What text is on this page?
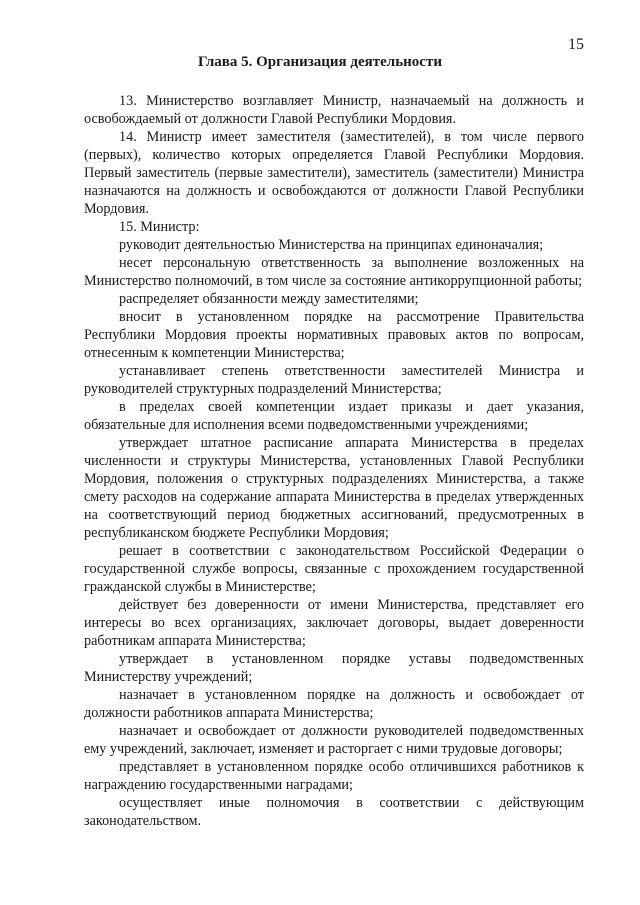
15
Глава 5. Организация деятельности

13. Министерство возглавляет Министр, назначаемый на должность и освобождаемый от должности Главой Республики Мордовия.

14. Министр имеет заместителя (заместителей), в том числе первого (первых), количество которых определяется Главой Республики Мордовия. Первый заместитель (первые заместители), заместитель (заместители) Министра назначаются на должность и освобождаются от должности Главой Республики Мордовия.

15. Министр:

руководит деятельностью Министерства на принципах единоначалия;

несет персональную ответственность за выполнение возложенных на Министерство полномочий, в том числе за состояние антикоррупционной работы;

распределяет обязанности между заместителями;

вносит в установленном порядке на рассмотрение Правительства Республики Мордовия проекты нормативных правовых актов по вопросам, отнесенным к компетенции Министерства;

устанавливает степень ответственности заместителей Министра и руководителей структурных подразделений Министерства;

в пределах своей компетенции издает приказы и дает указания, обязательные для исполнения всеми подведомственными учреждениями;

утверждает штатное расписание аппарата Министерства в пределах численности и структуры Министерства, установленных Главой Республики Мордовия, положения о структурных подразделениях Министерства, а также смету расходов на содержание аппарата Министерства в пределах утвержденных на соответствующий период бюджетных ассигнований, предусмотренных в республиканском бюджете Республики Мордовия;

решает в соответствии с законодательством Российской Федерации о государственной службе вопросы, связанные с прохождением государственной гражданской службы в Министерстве;

действует без доверенности от имени Министерства, представляет его интересы во всех организациях, заключает договоры, выдает доверенности работникам аппарата Министерства;

утверждает в установленном порядке уставы подведомственных Министерству учреждений;

назначает в установленном порядке на должность и освобождает от должности работников аппарата Министерства;

назначает и освобождает от должности руководителей подведомственных ему учреждений, заключает, изменяет и расторгает с ними трудовые договоры;

представляет в установленном порядке особо отличившихся работников к награждению государственными наградами;

осуществляет иные полномочия в соответствии с действующим законодательством.
